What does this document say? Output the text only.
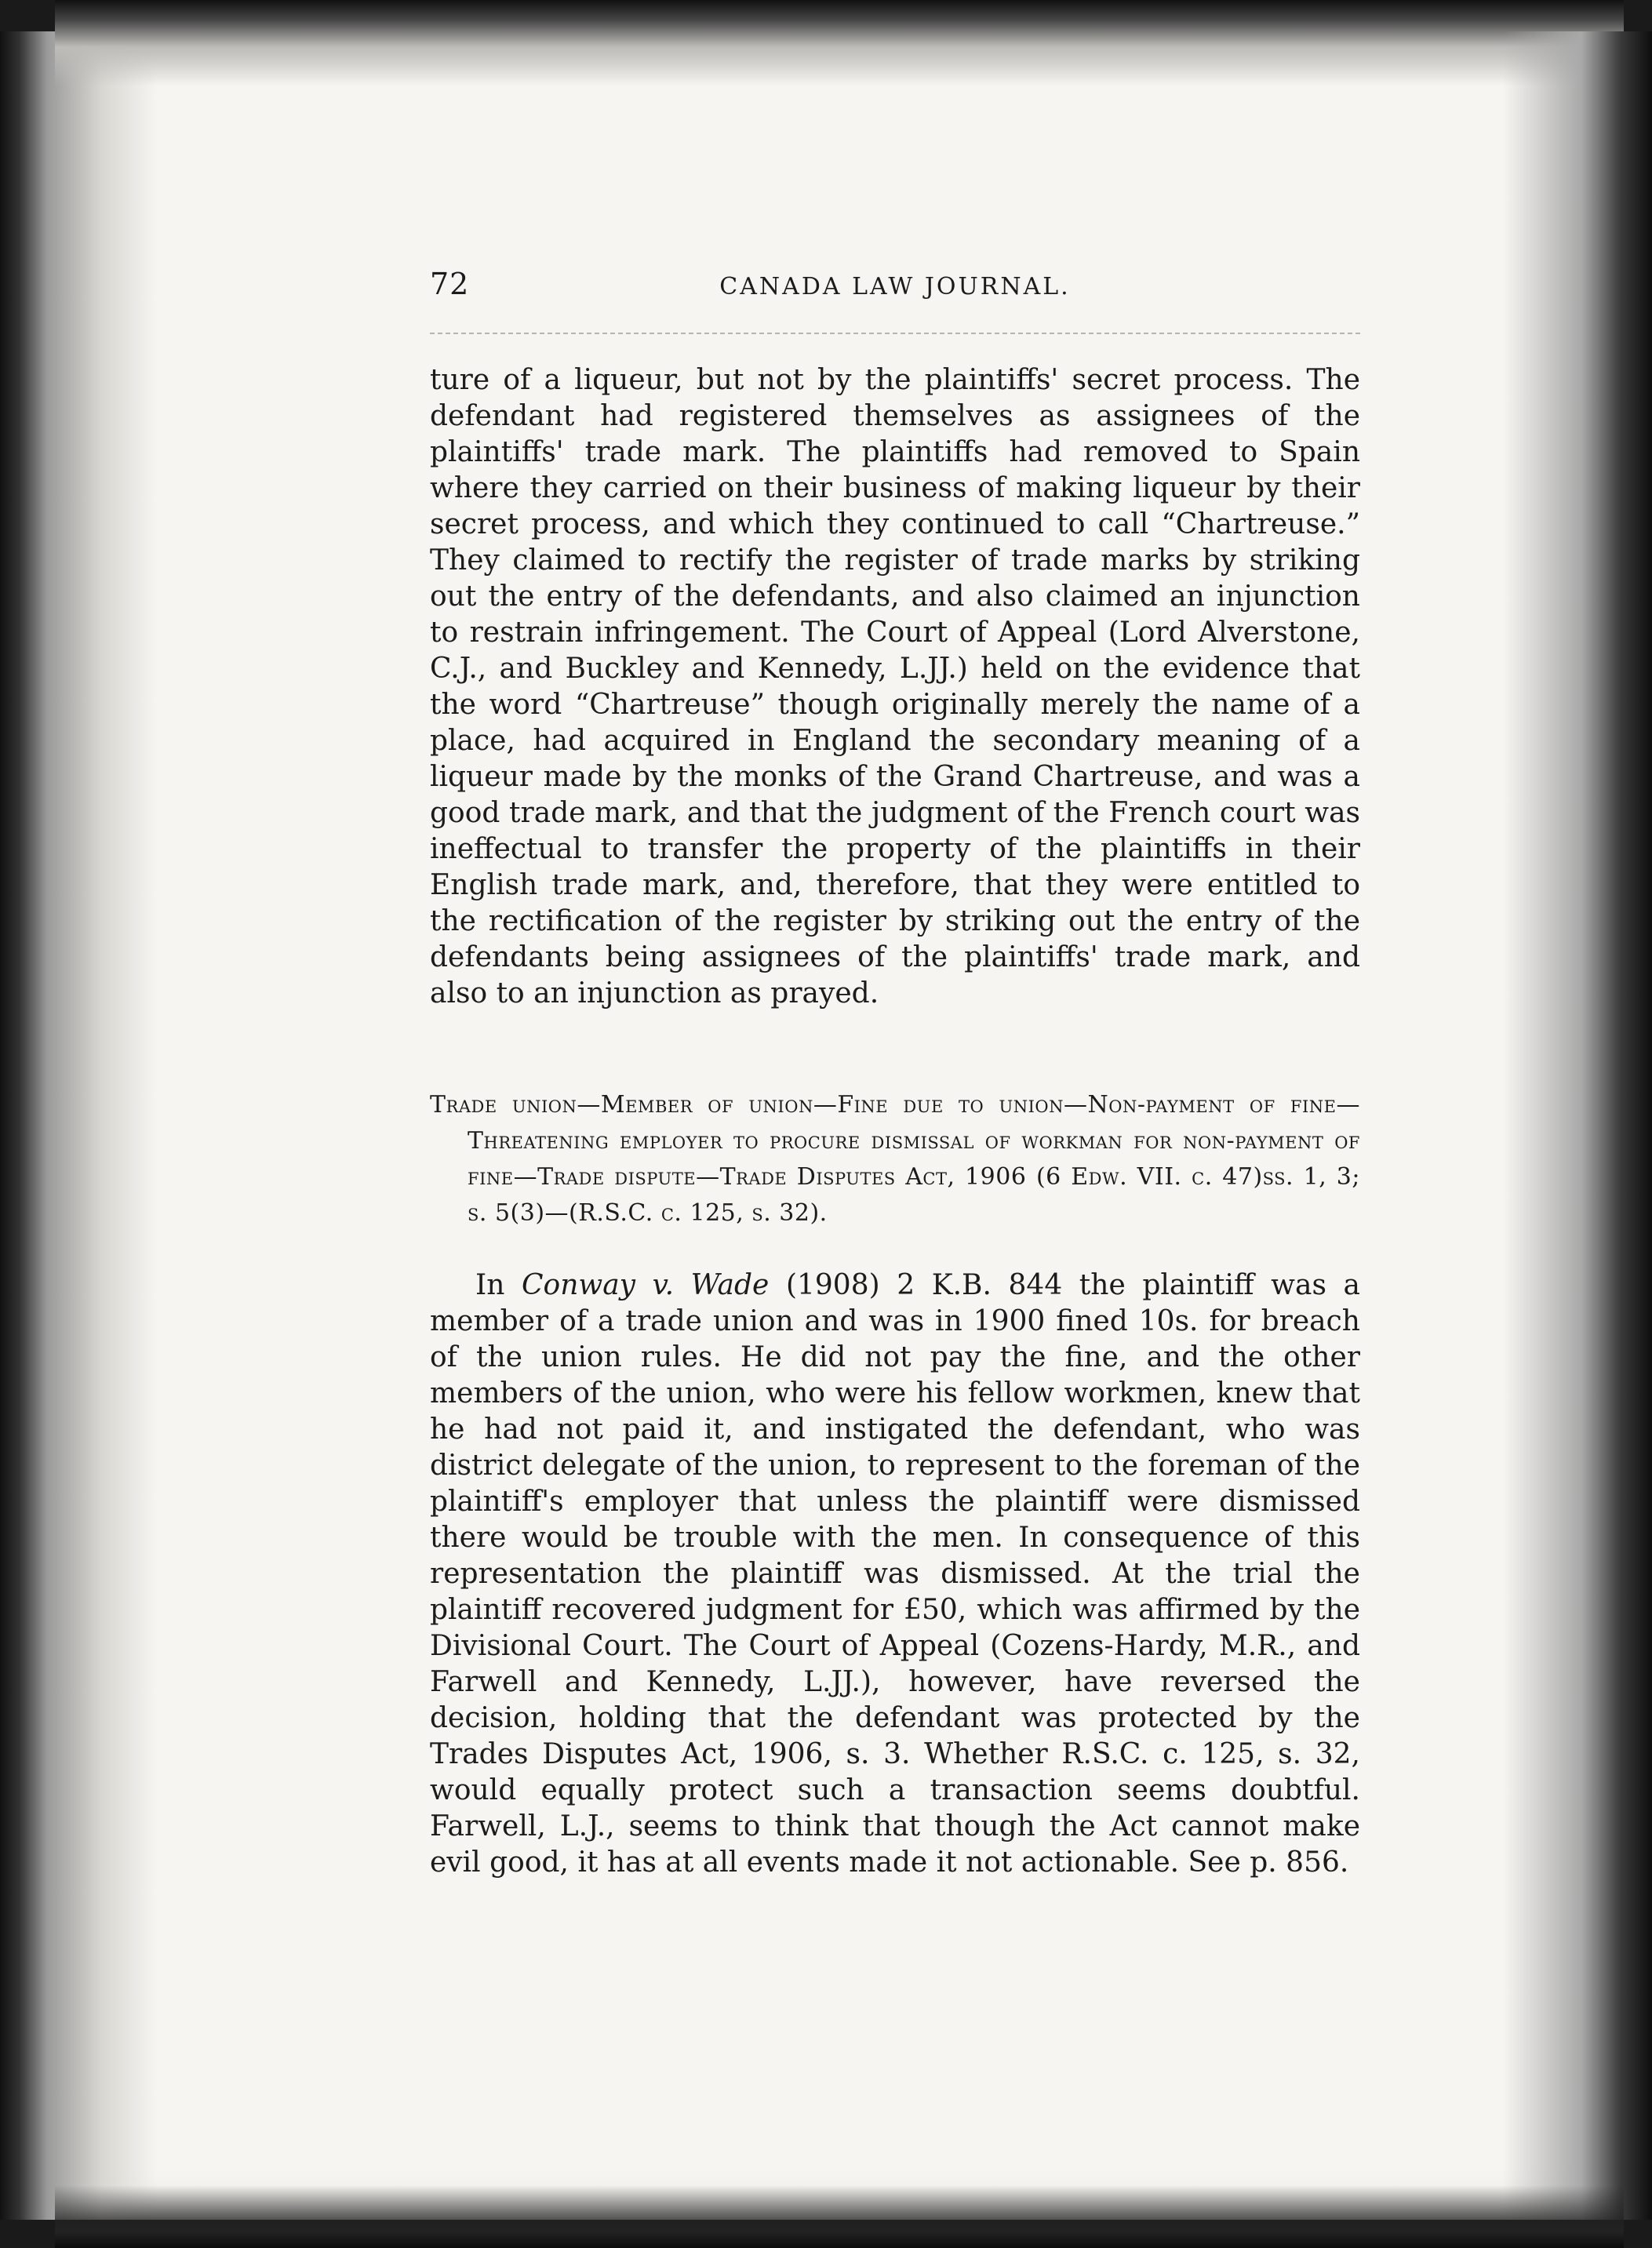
72	CANADA LAW JOURNAL.

ture of a liqueur, but not by the plaintiffs' secret process. The defendant had registered themselves as assignees of the plaintiffs' trade mark. The plaintiffs had removed to Spain where they carried on their business of making liqueur by their secret process, and which they continued to call “Chartreuse.” They claimed to rectify the register of trade marks by striking out the entry of the defendants, and also claimed an injunction to restrain infringement. The Court of Appeal (Lord Alverstone, C.J., and Buckley and Kennedy, L.JJ.) held on the evidence that the word “Chartreuse” though originally merely the name of a place, had acquired in England the secondary meaning of a liqueur made by the monks of the Grand Chartreuse, and was a good trade mark, and that the judgment of the French court was ineffectual to transfer the property of the plaintiffs in their English trade mark, and, therefore, that they were entitled to the rectification of the register by striking out the entry of the defendants being assignees of the plaintiffs' trade mark, and also to an injunction as prayed.

Trade union—Member of union—Fine due to union—Non-payment of fine—Threatening employer to procure dismissal of workman for non-payment of fine—Trade dispute—Trade Disputes Act, 1906 (6 Edw. VII. c. 47)ss. 1, 3; s. 5(3)—(R.S.C. c. 125, s. 32).

In Conway v. Wade (1908) 2 K.B. 844 the plaintiff was a member of a trade union and was in 1900 fined 10s. for breach of the union rules. He did not pay the fine, and the other members of the union, who were his fellow workmen, knew that he had not paid it, and instigated the defendant, who was district delegate of the union, to represent to the foreman of the plaintiff's employer that unless the plaintiff were dismissed there would be trouble with the men. In consequence of this representation the plaintiff was dismissed. At the trial the plaintiff recovered judgment for £50, which was affirmed by the Divisional Court. The Court of Appeal (Cozens-Hardy, M.R., and Farwell and Kennedy, L.JJ.), however, have reversed the decision, holding that the defendant was protected by the Trades Disputes Act, 1906, s. 3. Whether R.S.C. c. 125, s. 32, would equally protect such a transaction seems doubtful. Farwell, L.J., seems to think that though the Act cannot make evil good, it has at all events made it not actionable. See p. 856.
